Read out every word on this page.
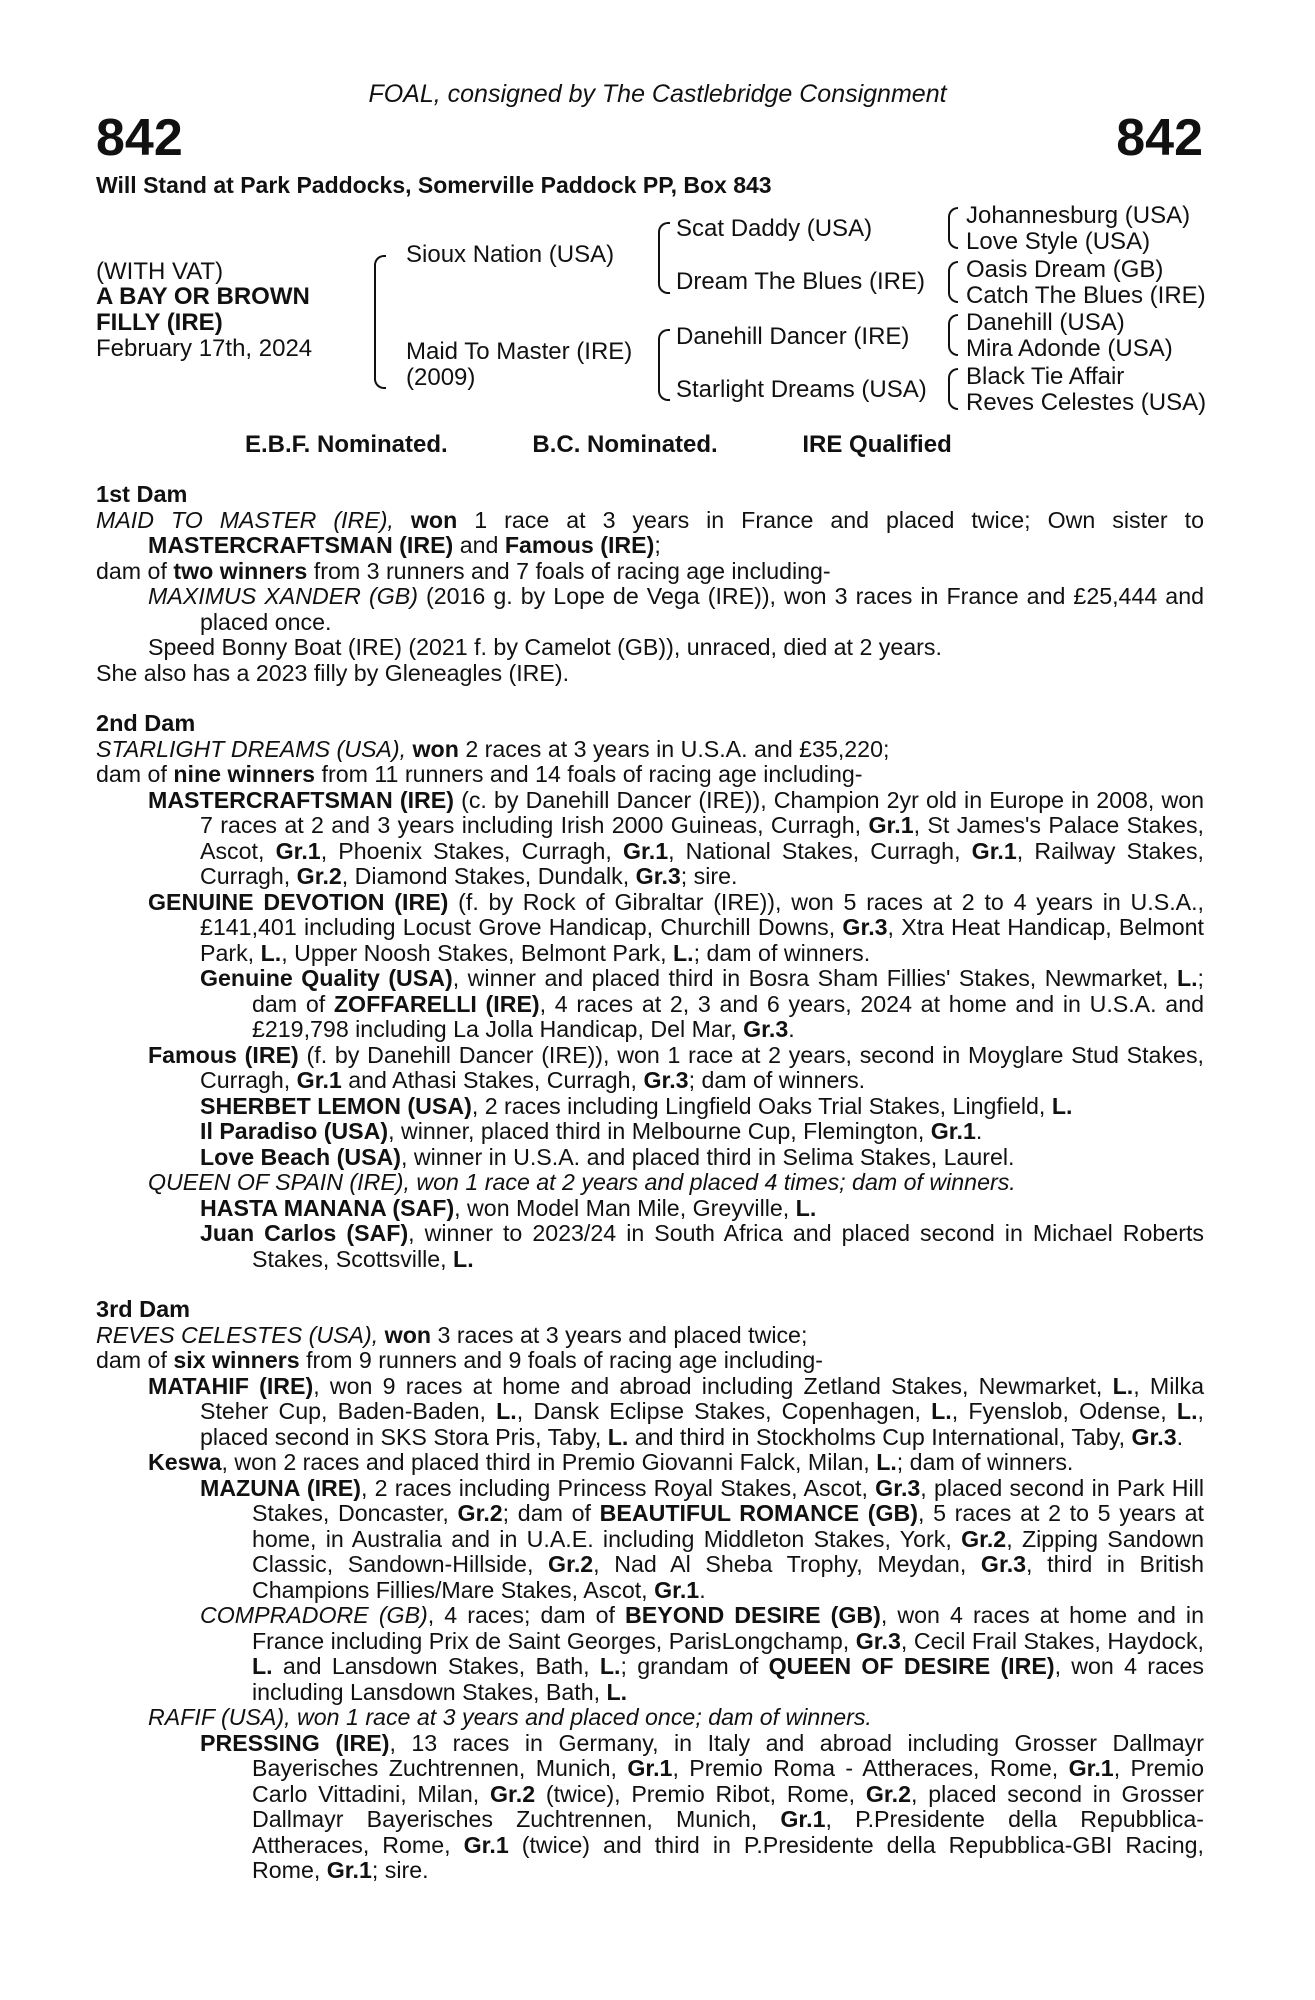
FOAL, consigned by The Castlebridge Consignment
842	842
Will Stand at Park Paddocks, Somerville Paddock PP, Box 843
(WITH VAT)
A BAY OR BROWN
FILLY (IRE)
February 17th, 2024
Sioux Nation (USA)
Maid To Master (IRE)
(2009)
Scat Daddy (USA)
Dream The Blues (IRE)
Danehill Dancer (IRE)
Starlight Dreams (USA)
Johannesburg (USA)
Love Style (USA)
Oasis Dream (GB)
Catch The Blues (IRE)
Danehill (USA)
Mira Adonde (USA)
Black Tie Affair
Reves Celestes (USA)
E.B.F. Nominated.	B.C. Nominated.	IRE Qualified
1st Dam

MAID TO MASTER (IRE), won 1 race at 3 years in France and placed twice; Own sister to MASTERCRAFTSMAN (IRE) and Famous (IRE);

dam of two winners from 3 runners and 7 foals of racing age including-

MAXIMUS XANDER (GB) (2016 g. by Lope de Vega (IRE)), won 3 races in France and £25,444 and placed once.

Speed Bonny Boat (IRE) (2021 f. by Camelot (GB)), unraced, died at 2 years.

She also has a 2023 filly by Gleneagles (IRE).

2nd Dam

STARLIGHT DREAMS (USA), won 2 races at 3 years in U.S.A. and £35,220;

dam of nine winners from 11 runners and 14 foals of racing age including-

MASTERCRAFTSMAN (IRE) (c. by Danehill Dancer (IRE)), Champion 2yr old in Europe in 2008, won 7 races at 2 and 3 years including Irish 2000 Guineas, Curragh, Gr.1, St James's Palace Stakes, Ascot, Gr.1, Phoenix Stakes, Curragh, Gr.1, National Stakes, Curragh, Gr.1, Railway Stakes, Curragh, Gr.2, Diamond Stakes, Dundalk, Gr.3; sire.

GENUINE DEVOTION (IRE) (f. by Rock of Gibraltar (IRE)), won 5 races at 2 to 4 years in U.S.A., £141,401 including Locust Grove Handicap, Churchill Downs, Gr.3, Xtra Heat Handicap, Belmont Park, L., Upper Noosh Stakes, Belmont Park, L.; dam of winners.

Genuine Quality (USA), winner and placed third in Bosra Sham Fillies' Stakes, Newmarket, L.; dam of ZOFFARELLI (IRE), 4 races at 2, 3 and 6 years, 2024 at home and in U.S.A. and £219,798 including La Jolla Handicap, Del Mar, Gr.3.

Famous (IRE) (f. by Danehill Dancer (IRE)), won 1 race at 2 years, second in Moyglare Stud Stakes, Curragh, Gr.1 and Athasi Stakes, Curragh, Gr.3; dam of winners.

SHERBET LEMON (USA), 2 races including Lingfield Oaks Trial Stakes, Lingfield, L.

Il Paradiso (USA), winner, placed third in Melbourne Cup, Flemington, Gr.1.

Love Beach (USA), winner in U.S.A. and placed third in Selima Stakes, Laurel.

QUEEN OF SPAIN (IRE), won 1 race at 2 years and placed 4 times; dam of winners.

HASTA MANANA (SAF), won Model Man Mile, Greyville, L.

Juan Carlos (SAF), winner to 2023/24 in South Africa and placed second in Michael Roberts Stakes, Scottsville, L.

3rd Dam

REVES CELESTES (USA), won 3 races at 3 years and placed twice;

dam of six winners from 9 runners and 9 foals of racing age including-

MATAHIF (IRE), won 9 races at home and abroad including Zetland Stakes, Newmarket, L., Milka Steher Cup, Baden-Baden, L., Dansk Eclipse Stakes, Copenhagen, L., Fyenslob, Odense, L., placed second in SKS Stora Pris, Taby, L. and third in Stockholms Cup International, Taby, Gr.3.

Keswa, won 2 races and placed third in Premio Giovanni Falck, Milan, L.; dam of winners.

MAZUNA (IRE), 2 races including Princess Royal Stakes, Ascot, Gr.3, placed second in Park Hill Stakes, Doncaster, Gr.2; dam of BEAUTIFUL ROMANCE (GB), 5 races at 2 to 5 years at home, in Australia and in U.A.E. including Middleton Stakes, York, Gr.2, Zipping Sandown Classic, Sandown-Hillside, Gr.2, Nad Al Sheba Trophy, Meydan, Gr.3, third in British Champions Fillies/Mare Stakes, Ascot, Gr.1.

COMPRADORE (GB), 4 races; dam of BEYOND DESIRE (GB), won 4 races at home and in France including Prix de Saint Georges, ParisLongchamp, Gr.3, Cecil Frail Stakes, Haydock, L. and Lansdown Stakes, Bath, L.; grandam of QUEEN OF DESIRE (IRE), won 4 races including Lansdown Stakes, Bath, L.

RAFIF (USA), won 1 race at 3 years and placed once; dam of winners.

PRESSING (IRE), 13 races in Germany, in Italy and abroad including Grosser Dallmayr Bayerisches Zuchtrennen, Munich, Gr.1, Premio Roma - Attheraces, Rome, Gr.1, Premio Carlo Vittadini, Milan, Gr.2 (twice), Premio Ribot, Rome, Gr.2, placed second in Grosser Dallmayr Bayerisches Zuchtrennen, Munich, Gr.1, P.Presidente della Repubblica-Attheraces, Rome, Gr.1 (twice) and third in P.Presidente della Repubblica-GBI Racing, Rome, Gr.1; sire.
